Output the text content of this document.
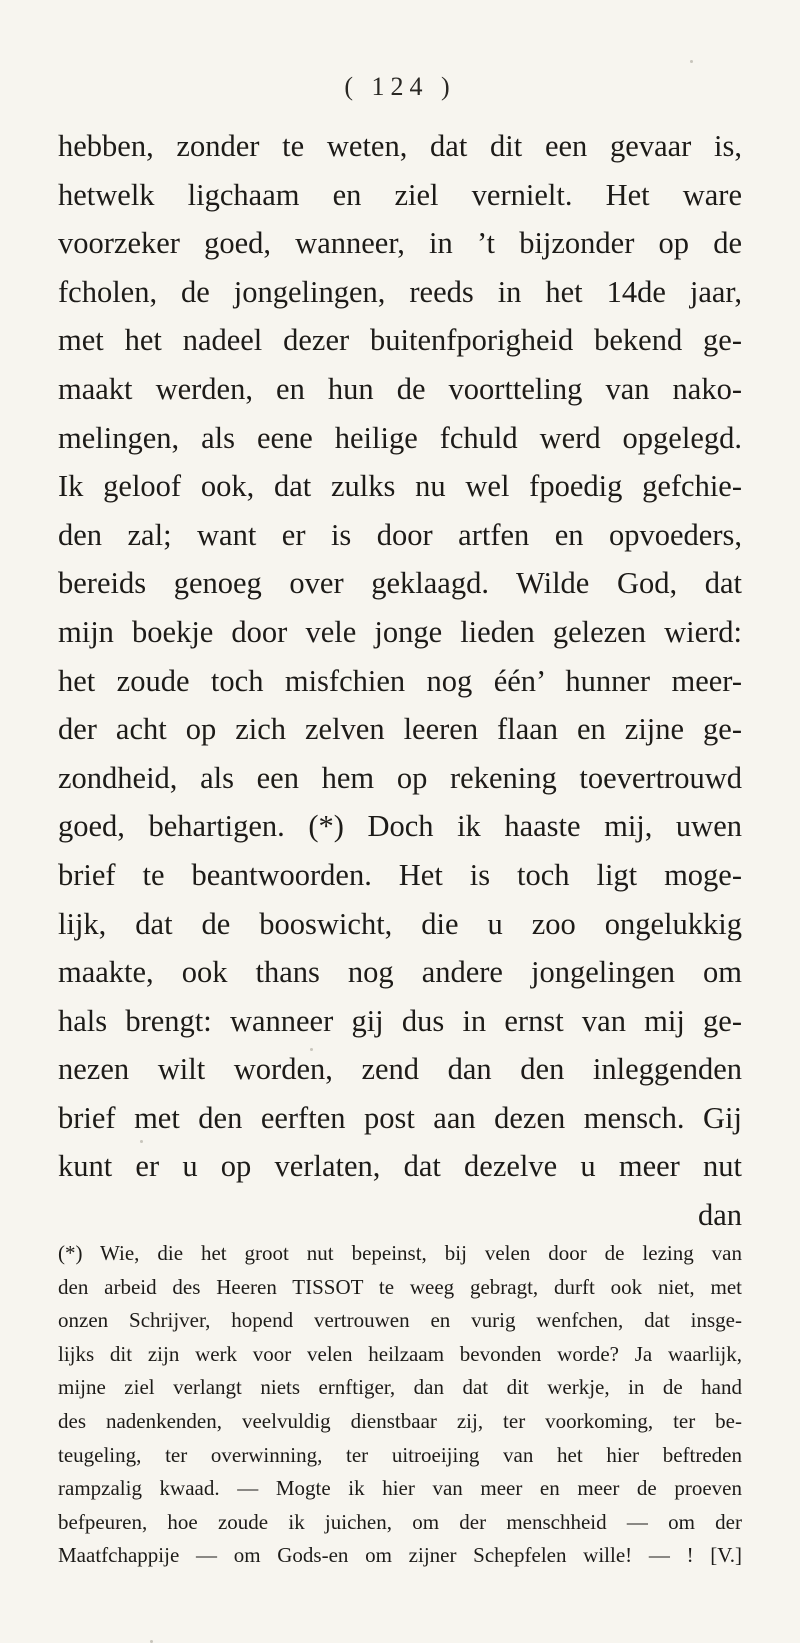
( 124 )
hebben, zonder te weten, dat dit een gevaar is,
hetwelk ligchaam en ziel vernielt. Het ware
voorzeker goed, wanneer, in ’t bijzonder op de
fcholen, de jongelingen, reeds in het 14de jaar,
met het nadeel dezer buitenfporigheid bekend ge-
maakt werden, en hun de voortteling van nako-
melingen, als eene heilige fchuld werd opgelegd.
Ik geloof ook, dat zulks nu wel fpoedig gefchie-
den zal; want er is door artfen en opvoeders,
bereids genoeg over geklaagd. Wilde God, dat
mijn boekje door vele jonge lieden gelezen wierd:
het zoude toch misfchien nog één’ hunner meer-
der acht op zich zelven leeren flaan en zijne ge-
zondheid, als een hem op rekening toevertrouwd
goed, behartigen. (*) Doch ik haaste mij, uwen
brief te beantwoorden. Het is toch ligt moge-
lijk, dat de booswicht, die u zoo ongelukkig
maakte, ook thans nog andere jongelingen om
hals brengt: wanneer gij dus in ernst van mij ge-
nezen wilt worden, zend dan den inleggenden
brief met den eerften post aan dezen mensch. Gij
kunt er u op verlaten, dat dezelve u meer nut
dan
(*) Wie, die het groot nut bepeinst, bij velen door de lezing van
den arbeid des Heeren TISSOT te weeg gebragt, durft ook niet, met
onzen Schrijver, hopend vertrouwen en vurig wenfchen, dat insge-
lijks dit zijn werk voor velen heilzaam bevonden worde? Ja waarlijk,
mijne ziel verlangt niets ernftiger, dan dat dit werkje, in de hand
des nadenkenden, veelvuldig dienstbaar zij, ter voorkoming, ter be-
teugeling, ter overwinning, ter uitroeijing van het hier beftreden
rampzalig kwaad. — Mogte ik hier van meer en meer de proeven
befpeuren, hoe zoude ik juichen, om der menschheid — om der
Maatfchappije — om Gods-en om zijner Schepfelen wille! — ! [V.]
